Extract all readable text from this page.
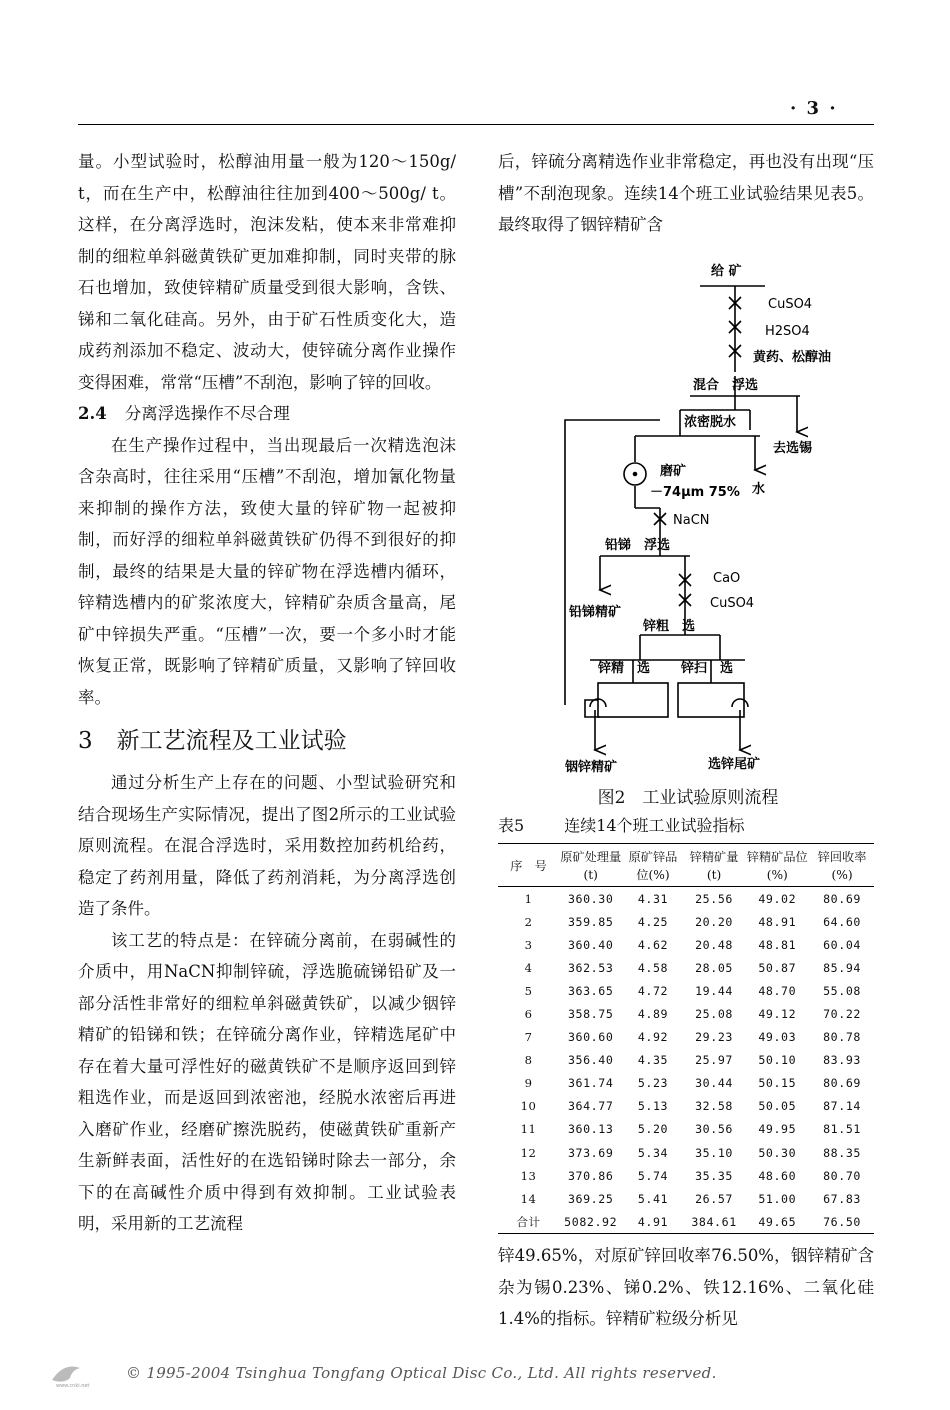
· 3 ·

量。小型试验时，松醇油用量一般为120～150g/ t，而在生产中，松醇油往往加到400～500g/ t。这样，在分离浮选时，泡沫发粘，使本来非常难抑制的细粒单斜磁黄铁矿更加难抑制，同时夹带的脉石也增加，致使锌精矿质量受到很大影响，含铁、锑和二氧化硅高。另外，由于矿石性质变化大，造成药剂添加不稳定、波动大，使锌硫分离作业操作变得困难，常常“压槽”不刮泡，影响了锌的回收。

2.4 分离浮选操作不尽合理

在生产操作过程中，当出现最后一次精选泡沫含杂高时，往往采用“压槽”不刮泡，增加氰化物量来抑制的操作方法，致使大量的锌矿物一起被抑制，而好浮的细粒单斜磁黄铁矿仍得不到很好的抑制，最终的结果是大量的锌矿物在浮选槽内循环，锌精选槽内的矿浆浓度大，锌精矿杂质含量高，尾矿中锌损失严重。“压槽”一次，要一个多小时才能恢复正常，既影响了锌精矿质量，又影响了锌回收率。

3 新工艺流程及工业试验

通过分析生产上存在的问题、小型试验研究和结合现场生产实际情况，提出了图2所示的工业试验原则流程。在混合浮选时，采用数控加药机给药，稳定了药剂用量，降低了药剂消耗，为分离浮选创造了条件。

该工艺的特点是：在锌硫分离前，在弱碱性的介质中，用NaCN抑制锌硫，浮选脆硫锑铅矿及一部分活性非常好的细粒单斜磁黄铁矿，以减少铟锌精矿的铅锑和铁；在锌硫分离作业，锌精选尾矿中存在着大量可浮性好的磁黄铁矿不是顺序返回到锌粗选作业，而是返回到浓密池，经脱水浓密后再进入磨矿作业，经磨矿擦洗脱药，使磁黄铁矿重新产生新鲜表面，活性好的在选铅锑时除去一部分，余下的在高碱性介质中得到有效抑制。工业试验表明，采用新的工艺流程

后，锌硫分离精选作业非常稳定，再也没有出现“压槽”不刮泡现象。连续14个班工业试验结果见表5。最终取得了铟锌精矿含

给 矿
CuSO4
H2SO4
黄药、松醇油
混合　浮选
浓密脱水
去选锡
磨矿
－74μm 75% 水
NaCN
铅锑　浮选
CaO
CuSO4
铅锑精矿
锌粗　选
锌精　选 锌扫　选
铟锌精矿	选锌尾矿
图2　工业试验原则流程
表5	连续14个班工业试验指标
序　号	原矿处理量(t)	原矿锌品位(%)	锌精矿量(t)	锌精矿品位(%)	锌回收率(%)
1	360.30	4.31	25.56	49.02	80.69
2	359.85	4.25	20.20	48.91	64.60
3	360.40	4.62	20.48	48.81	60.04
4	362.53	4.58	28.05	50.87	85.94
5	363.65	4.72	19.44	48.70	55.08
6	358.75	4.89	25.08	49.12	70.22
7	360.60	4.92	29.23	49.03	80.78
8	356.40	4.35	25.97	50.10	83.93
9	361.74	5.23	30.44	50.15	80.69
10	364.77	5.13	32.58	50.05	87.14
11	360.13	5.20	30.56	49.95	81.51
12	373.69	5.34	35.10	50.30	88.35
13	370.86	5.74	35.35	48.60	80.70
14	369.25	5.41	26.57	51.00	67.83
合计	5082.92	4.91	384.61	49.65	76.50

锌49.65%，对原矿锌回收率76.50%，铟锌精矿含杂为锡0.23%、锑0.2%、铁12.16%、二氧化硅1.4%的指标。锌精矿粒级分析见

www.cnki.net
© 1995-2004 Tsinghua Tongfang Optical Disc Co., Ltd. All rights reserved.
